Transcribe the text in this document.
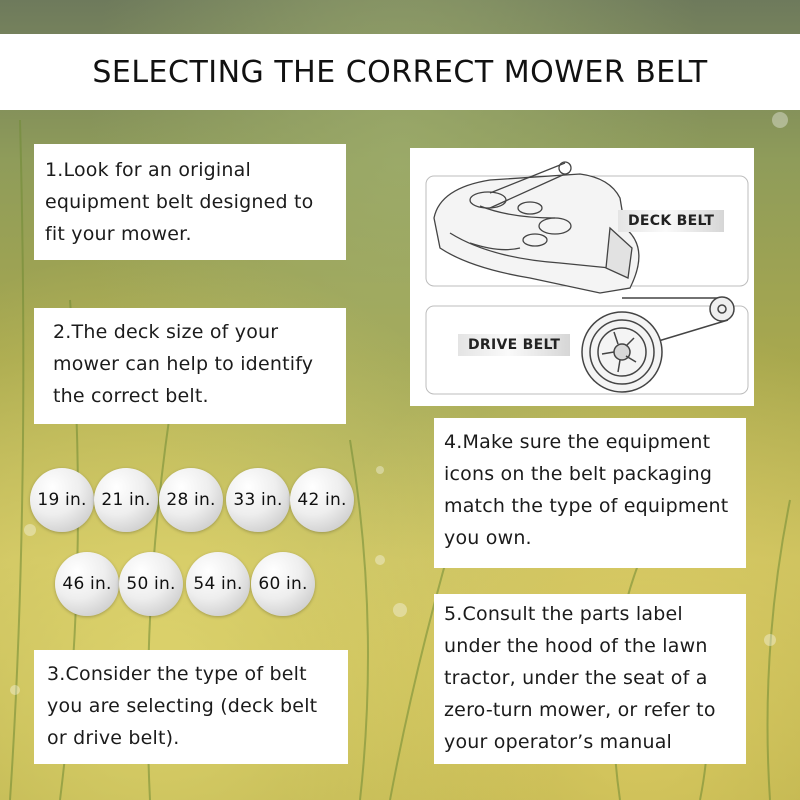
SELECTING THE CORRECT MOWER BELT

1.Look for an original

equipment belt designed to

fit your mower.

2.The deck size of your

mower can help to identify

the correct belt.

19 in. 21 in. 28 in.	33 in. 42 in.
46 in. 50 in.	54 in. 60 in.

3.Consider the type of belt

you are selecting (deck belt

or drive belt).

DECK BELT
DRIVE BELT

4.Make sure the equipment

icons on the belt packaging

match the type of equipment

you own.

5.Consult the parts label

under the hood of the lawn

tractor, under the seat of a

zero-turn mower, or refer to

your operator’s manual
